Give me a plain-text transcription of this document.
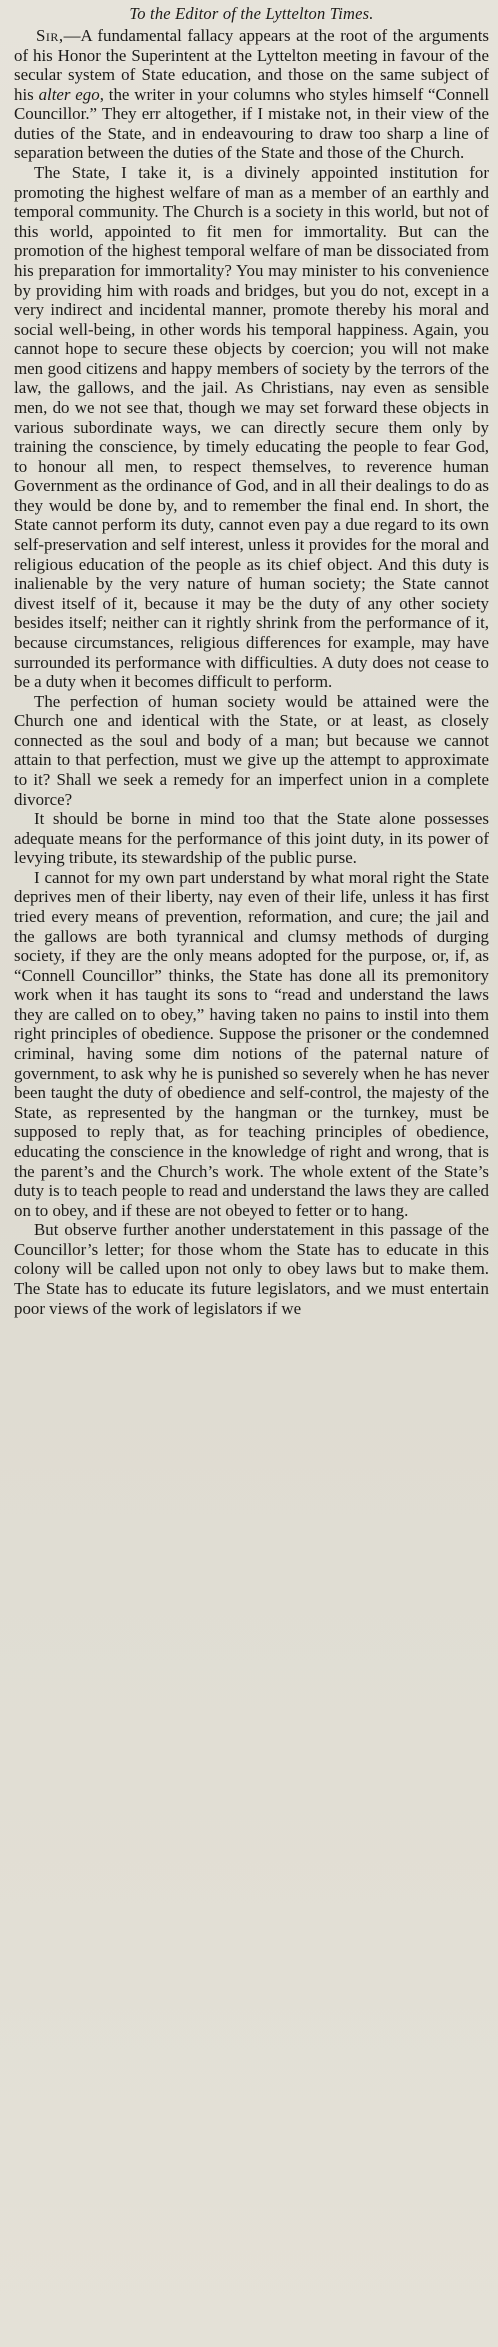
To the Editor of the Lyttelton Times.

Sir,—A fundamental fallacy appears at the root of the arguments of his Honor the Superintent at the Lyttelton meeting in favour of the secular system of State education, and those on the same subject of his alter ego, the writer in your columns who styles himself “Connell Councillor.” They err altogether, if I mistake not, in their view of the duties of the State, and in endeavouring to draw too sharp a line of separation between the duties of the State and those of the Church.

The State, I take it, is a divinely appointed institution for promoting the highest welfare of man as a member of an earthly and temporal community. The Church is a society in this world, but not of this world, appointed to fit men for immortality. But can the promotion of the highest temporal welfare of man be dissociated from his preparation for immortality? You may minister to his convenience by providing him with roads and bridges, but you do not, except in a very indirect and incidental manner, promote thereby his moral and social well-being, in other words his temporal happiness. Again, you cannot hope to secure these objects by coercion; you will not make men good citizens and happy members of society by the terrors of the law, the gallows, and the jail. As Christians, nay even as sensible men, do we not see that, though we may set forward these objects in various subordinate ways, we can directly secure them only by training the conscience, by timely educating the people to fear God, to honour all men, to respect themselves, to reverence human Government as the ordinance of God, and in all their dealings to do as they would be done by, and to remember the final end. In short, the State cannot perform its duty, cannot even pay a due regard to its own self-preservation and self interest, unless it provides for the moral and religious education of the people as its chief object. And this duty is inalienable by the very nature of human society; the State cannot divest itself of it, because it may be the duty of any other society besides itself; neither can it rightly shrink from the performance of it, because circumstances, religious differences for example, may have surrounded its performance with difficulties. A duty does not cease to be a duty when it becomes difficult to perform.

The perfection of human society would be attained were the Church one and identical with the State, or at least, as closely connected as the soul and body of a man; but because we cannot attain to that perfection, must we give up the attempt to approximate to it? Shall we seek a remedy for an imperfect union in a complete divorce?

It should be borne in mind too that the State alone possesses adequate means for the performance of this joint duty, in its power of levying tribute, its stewardship of the public purse.

I cannot for my own part understand by what moral right the State deprives men of their liberty, nay even of their life, unless it has first tried every means of prevention, reformation, and cure; the jail and the gallows are both tyrannical and clumsy methods of durging society, if they are the only means adopted for the purpose, or, if, as “Connell Councillor” thinks, the State has done all its premonitory work when it has taught its sons to “read and understand the laws they are called on to obey,” having taken no pains to instil into them right principles of obedience. Suppose the prisoner or the condemned criminal, having some dim notions of the paternal nature of government, to ask why he is punished so severely when he has never been taught the duty of obedience and self-control, the majesty of the State, as represented by the hangman or the turnkey, must be supposed to reply that, as for teaching principles of obedience, educating the conscience in the knowledge of right and wrong, that is the parent’s and the Church’s work. The whole extent of the State’s duty is to teach people to read and understand the laws they are called on to obey, and if these are not obeyed to fetter or to hang.

But observe further another understatement in this passage of the Councillor’s letter; for those whom the State has to educate in this colony will be called upon not only to obey laws but to make them. The State has to educate its future legislators, and we must entertain poor views of the work of legislators if we
